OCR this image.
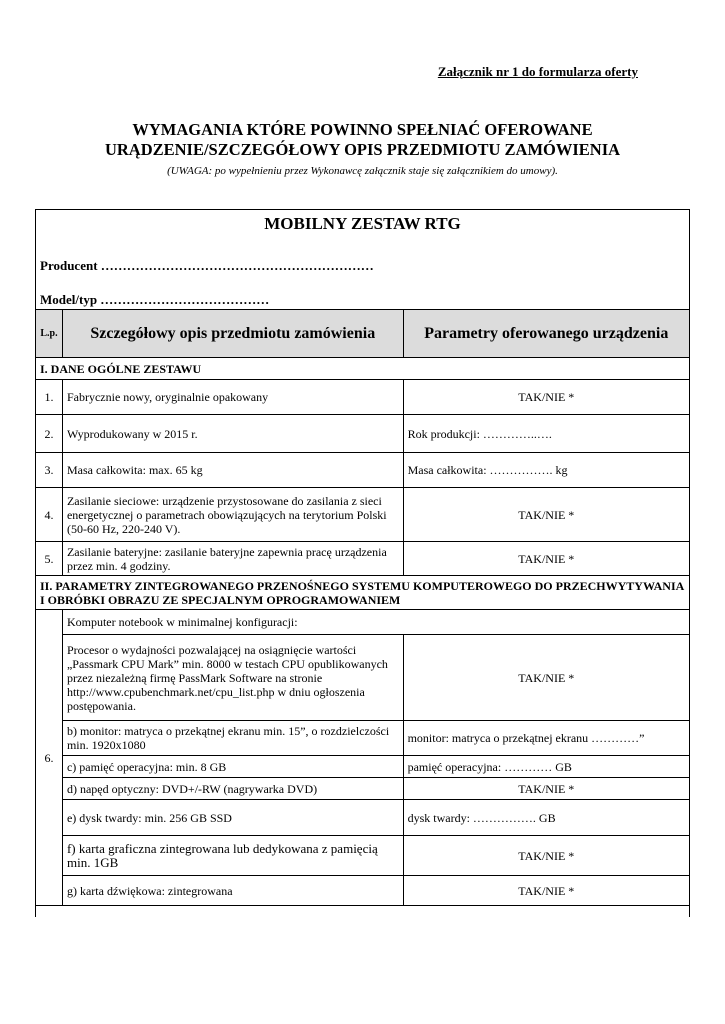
Załącznik nr 1 do formularza oferty
WYMAGANIA KTÓRE POWINNO SPEŁNIAĆ OFEROWANE
URĄDZENIE/SZCZEGÓŁOWY OPIS PRZEDMIOTU ZAMÓWIENIA
(UWAGA: po wypełnieniu przez Wykonawcę załącznik staje się załącznikiem do umowy).
MOBILNY ZESTAW RTG
Producent ………………………………………………………
Model/typ …………………………………
L.p.	Szczegółowy opis przedmiotu zamówienia	Parametry oferowanego urządzenia
I. DANE OGÓLNE ZESTAWU		
1.	Fabrycznie nowy, oryginalnie opakowany	TAK/NIE *
2.	Wyprodukowany w 2015 r.	Rok produkcji: …………..….
3.	Masa całkowita: max. 65 kg	Masa całkowita: ……………. kg
4.	Zasilanie sieciowe: urządzenie przystosowane do zasilania z sieci energetycznej o parametrach obowiązujących na terytorium Polski (50-60 Hz, 220-240 V).	TAK/NIE *
5.	Zasilanie bateryjne: zasilanie bateryjne zapewnia pracę urządzenia przez min. 4 godziny.	TAK/NIE *
II. PARAMETRY ZINTEGROWANEGO PRZENOŚNEGO SYSTEMU KOMPUTEROWEGO DO PRZECHWYTYWANIA I OBRÓBKI OBRAZU ZE SPECJALNYM OPROGRAMOWANIEM		
6.	Komputer notebook w minimalnej konfiguracji:	
	Procesor o wydajności pozwalającej na osiągnięcie wartości „Passmark CPU Mark” min. 8000 w testach CPU opublikowanych przez niezależną firmę PassMark Software na stronie http://www.cpubenchmark.net/cpu_list.php w dniu ogłoszenia postępowania.	TAK/NIE *
	b) monitor: matryca o przekątnej ekranu min. 15”, o rozdzielczości min. 1920x1080	monitor: matryca o przekątnej ekranu …………”
	c) pamięć operacyjna: min. 8 GB	pamięć operacyjna: ………… GB
	d) napęd optyczny: DVD+/-RW (nagrywarka DVD)	TAK/NIE *
	e) dysk twardy: min. 256 GB SSD	dysk twardy: ……………. GB
	f) karta graficzna zintegrowana lub dedykowana z pamięcią min. 1GB	TAK/NIE *
	g) karta dźwiękowa: zintegrowana	TAK/NIE *
